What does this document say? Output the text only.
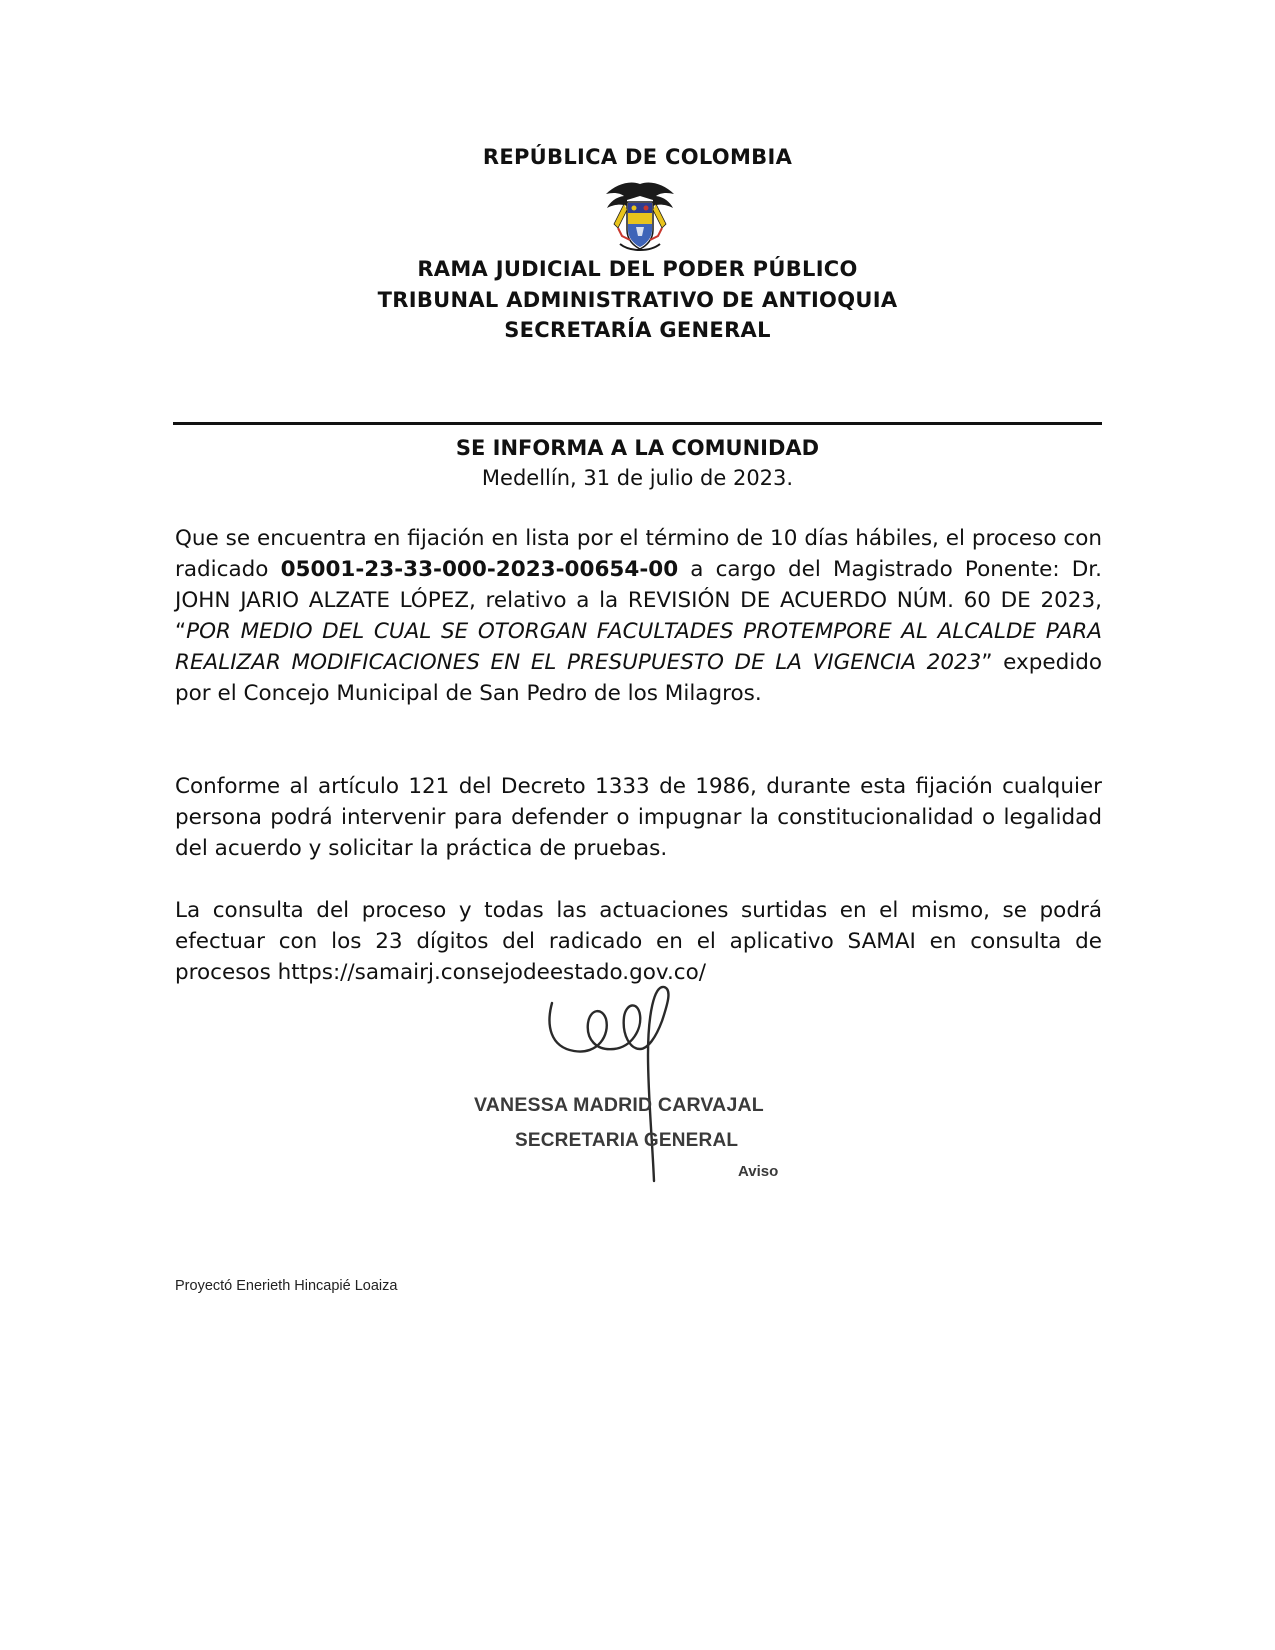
REPÚBLICA DE COLOMBIA
RAMA JUDICIAL DEL PODER PÚBLICO
TRIBUNAL ADMINISTRATIVO DE ANTIOQUIA
SECRETARÍA GENERAL
SE INFORMA A LA COMUNIDAD
Medellín, 31 de julio de 2023.
Que se encuentra en fijación en lista por el término de 10 días hábiles, el proceso con radicado 05001-23-33-000-2023-00654-00 a cargo del Magistrado Ponente: Dr. JOHN JARIO ALZATE LÓPEZ, relativo a la REVISIÓN DE ACUERDO NÚM. 60 DE 2023, “POR MEDIO DEL CUAL SE OTORGAN FACULTADES PROTEMPORE AL ALCALDE PARA REALIZAR MODIFICACIONES EN EL PRESUPUESTO DE LA VIGENCIA 2023” expedido por el Concejo Municipal de San Pedro de los Milagros.
Conforme al artículo 121 del Decreto 1333 de 1986, durante esta fijación cualquier persona podrá intervenir para defender o impugnar la constitucionalidad o legalidad del acuerdo y solicitar la práctica de pruebas.
La consulta del proceso y todas las actuaciones surtidas en el mismo, se podrá efectuar con los 23 dígitos del radicado en el aplicativo SAMAI en consulta de procesos https://samairj.consejodeestado.gov.co/
VANESSA MADRID CARVAJAL
SECRETARIA GENERAL
Aviso
Proyectó Enerieth Hincapié Loaiza
